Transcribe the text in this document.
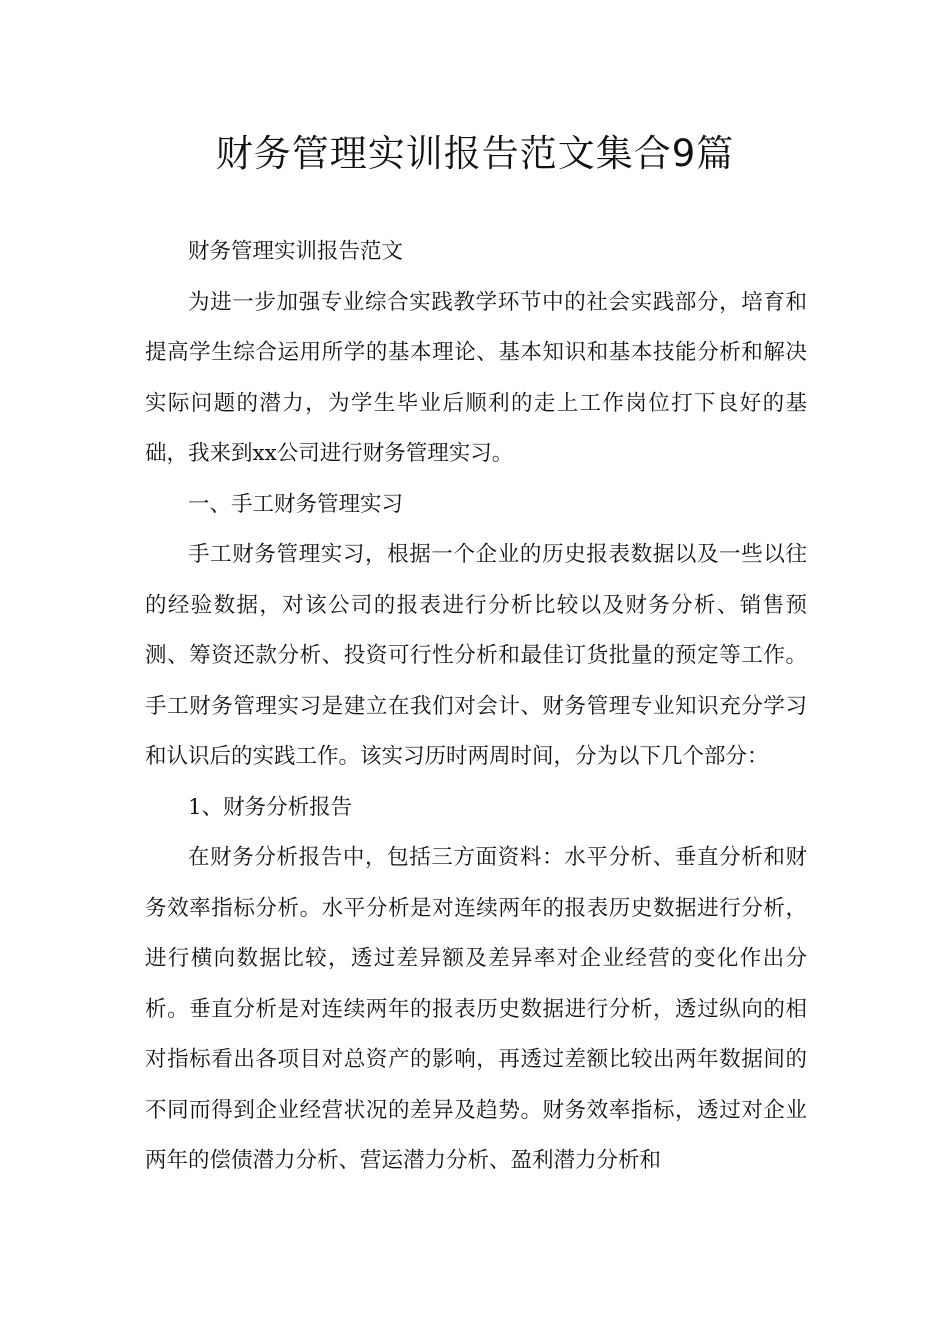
财务管理实训报告范文集合9篇

财务管理实训报告范文

为进一步加强专业综合实践教学环节中的社会实践部分，培育和提高学生综合运用所学的基本理论、基本知识和基本技能分析和解决实际问题的潜力，为学生毕业后顺利的走上工作岗位打下良好的基础，我来到xx公司进行财务管理实习。

一、手工财务管理实习

手工财务管理实习，根据一个企业的历史报表数据以及一些以往的经验数据，对该公司的报表进行分析比较以及财务分析、销售预测、筹资还款分析、投资可行性分析和最佳订货批量的预定等工作。手工财务管理实习是建立在我们对会计、财务管理专业知识充分学习和认识后的实践工作。该实习历时两周时间，分为以下几个部分：

1、财务分析报告

在财务分析报告中，包括三方面资料：水平分析、垂直分析和财务效率指标分析。水平分析是对连续两年的报表历史数据进行分析，进行横向数据比较，透过差异额及差异率对企业经营的变化作出分析。垂直分析是对连续两年的报表历史数据进行分析，透过纵向的相对指标看出各项目对总资产的影响，再透过差额比较出两年数据间的不同而得到企业经营状况的差异及趋势。财务效率指标，透过对企业两年的偿债潜力分析、营运潜力分析、盈利潜力分析和
